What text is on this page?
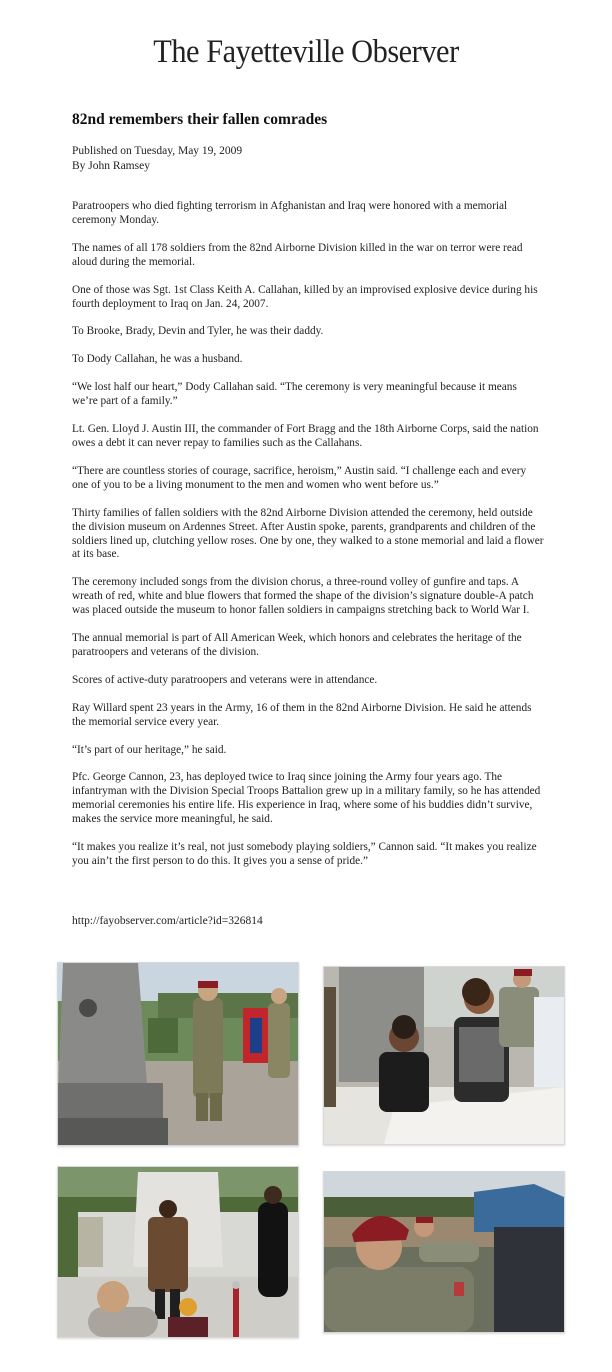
The Fayetteville Observer
82nd remembers their fallen comrades
Published on Tuesday, May 19, 2009
By John Ramsey

Paratroopers who died fighting terrorism in Afghanistan and Iraq were honored with a memorial ceremony Monday.

The names of all 178 soldiers from the 82nd Airborne Division killed in the war on terror were read aloud during the memorial.

One of those was Sgt. 1st Class Keith A. Callahan, killed by an improvised explosive device during his fourth deployment to Iraq on Jan. 24, 2007.

To Brooke, Brady, Devin and Tyler, he was their daddy.

To Dody Callahan, he was a husband.

“We lost half our heart,” Dody Callahan said. “The ceremony is very meaningful because it means we’re part of a family.”

Lt. Gen. Lloyd J. Austin III, the commander of Fort Bragg and the 18th Airborne Corps, said the nation owes a debt it can never repay to families such as the Callahans.

“There are countless stories of courage, sacrifice, heroism,” Austin said. “I challenge each and every one of you to be a living monument to the men and women who went before us.”

Thirty families of fallen soldiers with the 82nd Airborne Division attended the ceremony, held outside the division museum on Ardennes Street. After Austin spoke, parents, grandparents and children of the soldiers lined up, clutching yellow roses. One by one, they walked to a stone memorial and laid a flower at its base.

The ceremony included songs from the division chorus, a three-round volley of gunfire and taps. A wreath of red, white and blue flowers that formed the shape of the division’s signature double-A patch was placed outside the museum to honor fallen soldiers in campaigns stretching back to World War I.

The annual memorial is part of All American Week, which honors and celebrates the heritage of the paratroopers and veterans of the division.

Scores of active-duty paratroopers and veterans were in attendance.

Ray Willard spent 23 years in the Army, 16 of them in the 82nd Airborne Division. He said he attends the memorial service every year.

“It’s part of our heritage,” he said.

Pfc. George Cannon, 23, has deployed twice to Iraq since joining the Army four years ago. The infantryman with the Division Special Troops Battalion grew up in a military family, so he has attended memorial ceremonies his entire life. His experience in Iraq, where some of his buddies didn’t survive, makes the service more meaningful, he said.

“It makes you realize it’s real, not just somebody playing soldiers,” Cannon said. “It makes you realize you ain’t the first person to do this. It gives you a sense of pride.”

http://fayobserver.com/article?id=326814
